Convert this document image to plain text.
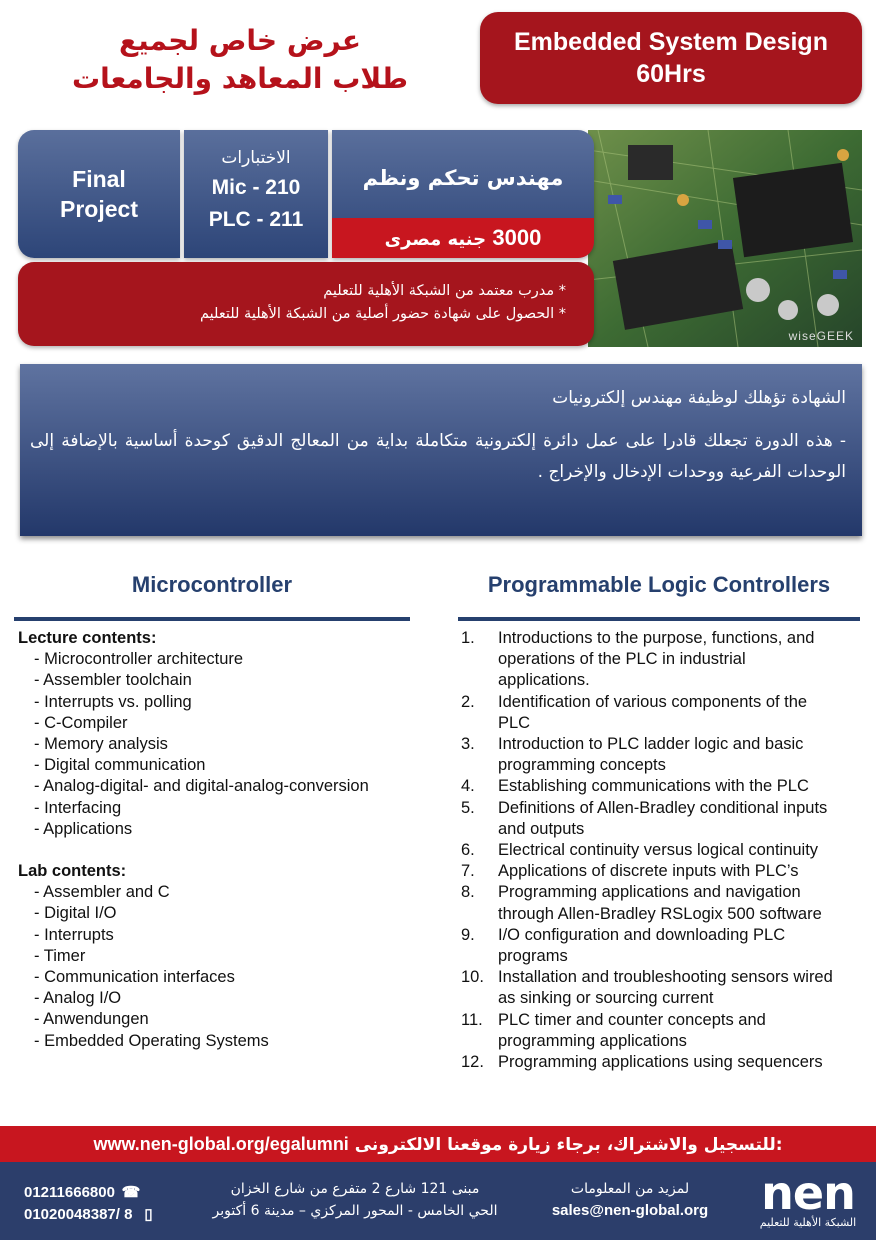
عرض خاص لجميع
طلاب المعاهد والجامعات
Embedded System Design
60Hrs
wiseGEEK
Final
Project
الاختبارات
Mic - 210
PLC - 211
مهندس تحكم ونظم
3000 جنيه مصرى
* مدرب معتمد من الشبكة الأهلية للتعليم
* الحصول على شهادة حضور أصلية من الشبكة الأهلية للتعليم
الشهادة تؤهلك لوظيفة مهندس إلكترونيات
- هذه الدورة تجعلك قادرا على عمل دائرة إلكترونية متكاملة بداية من المعالج الدقيق كوحدة أساسية بالإضافة إلى الوحدات الفرعية ووحدات الإدخال والإخراج .
Microcontroller
Lecture contents:
- Microcontroller architecture
- Assembler toolchain
- Interrupts vs. polling
- C-Compiler
- Memory analysis
- Digital communication
- Analog-digital- and digital-analog-conversion
- Interfacing
- Applications
Lab contents:
- Assembler and C
- Digital I/O
- Interrupts
- Timer
- Communication interfaces
- Analog I/O
- Anwendungen
- Embedded Operating Systems
Programmable Logic Controllers
1.	Introductions to the purpose, functions, and
operations of the PLC in industrial
applications.
2.	Identification of various components of the
PLC
3.	Introduction to PLC ladder logic and basic
programming concepts
4.	Establishing communications with the PLC
5.	Definitions of Allen-Bradley conditional inputs
and outputs
6.	Electrical continuity versus logical continuity
7.	Applications of discrete inputs with PLC’s
8.	Programming applications and navigation
through Allen-Bradley RSLogix 500 software
9.	I/O configuration and downloading PLC
programs
10. Installation and troubleshooting sensors wired
as sinking or sourcing current
11. PLC timer and counter concepts and
programming applications
12. Programming applications using sequencers
www.nen-global.org/egalumni للتسجيل والاشتراك، برجاء زيارة موقعنا الالكترونى:
01211666800 ☎
01020048387/ 8 ▯
مبنى 121 شارع 2 متفرع من شارع الخزان
الحي الخامس - المحور المركزي – مدينة 6 أكتوبر
لمزيد من المعلومات
sales@nen-global.org	nen
الشبكة الأهلية للتعليم
